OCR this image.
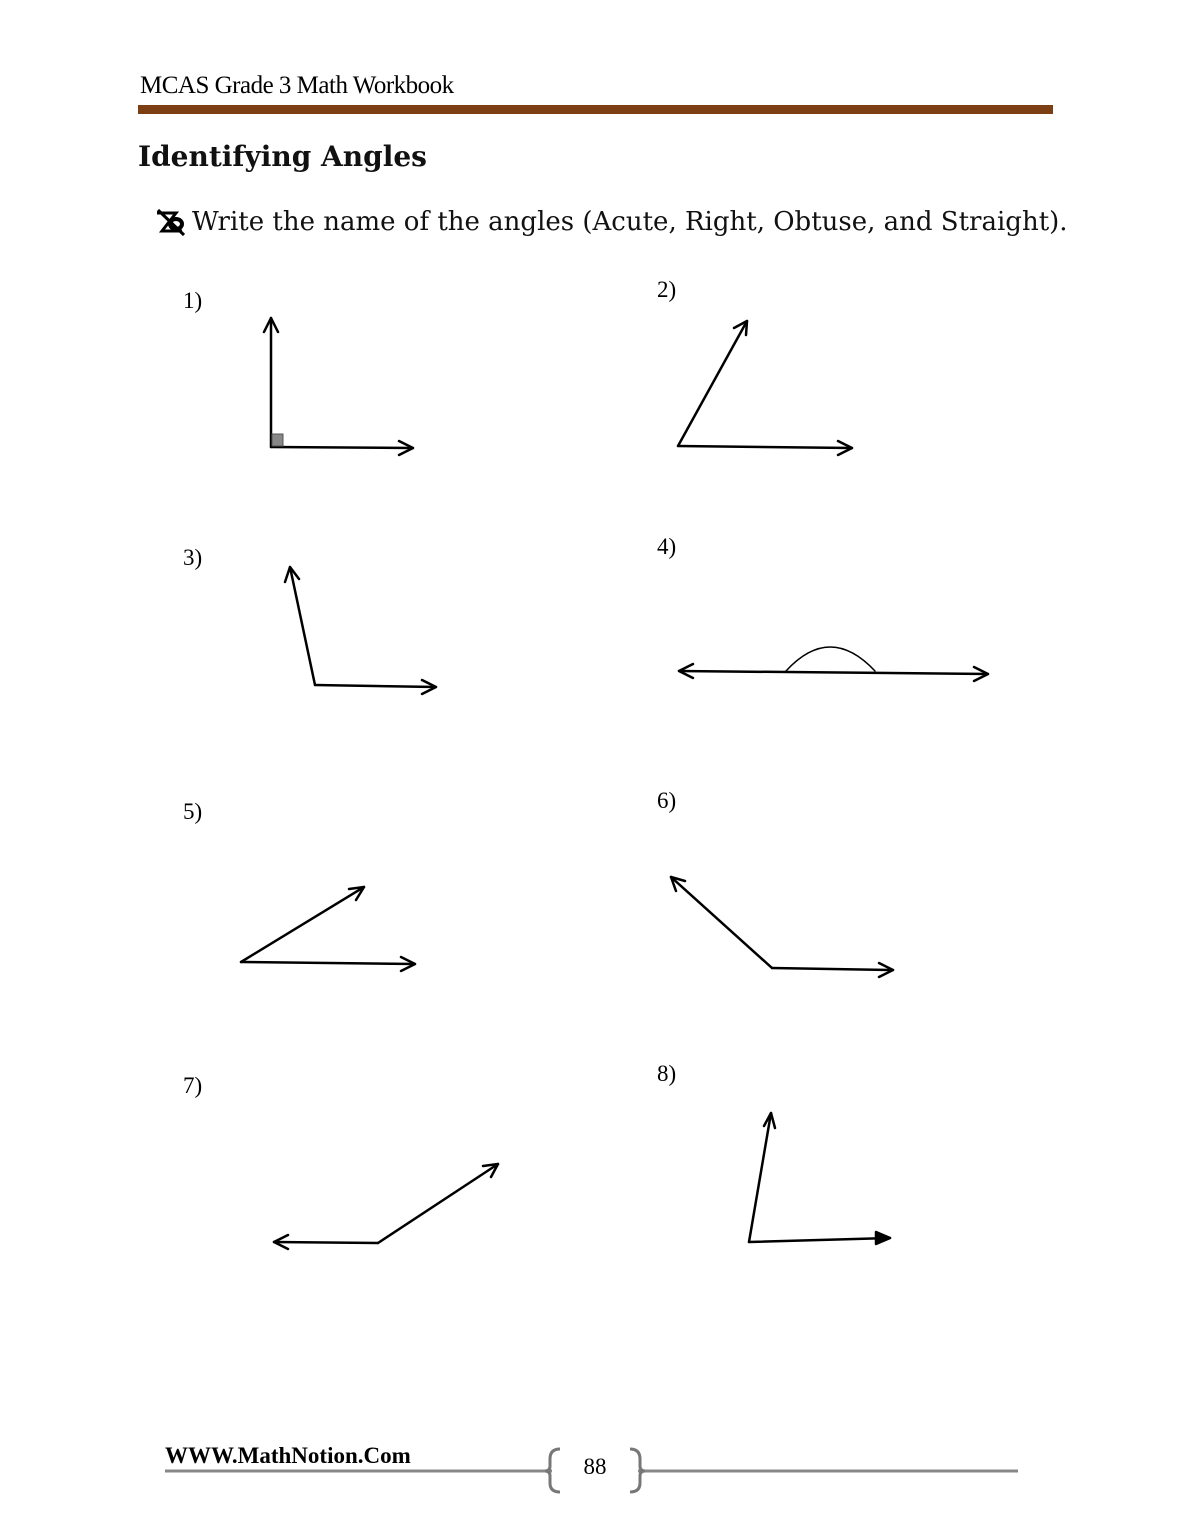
MCAS Grade 3 Math Workbook
Identifying Angles
Write the name of the angles (Acute, Right, Obtuse, and Straight).
1)	2)
3)	4)
5)	6)
7)	8)
WWW.MathNotion.Com	88
